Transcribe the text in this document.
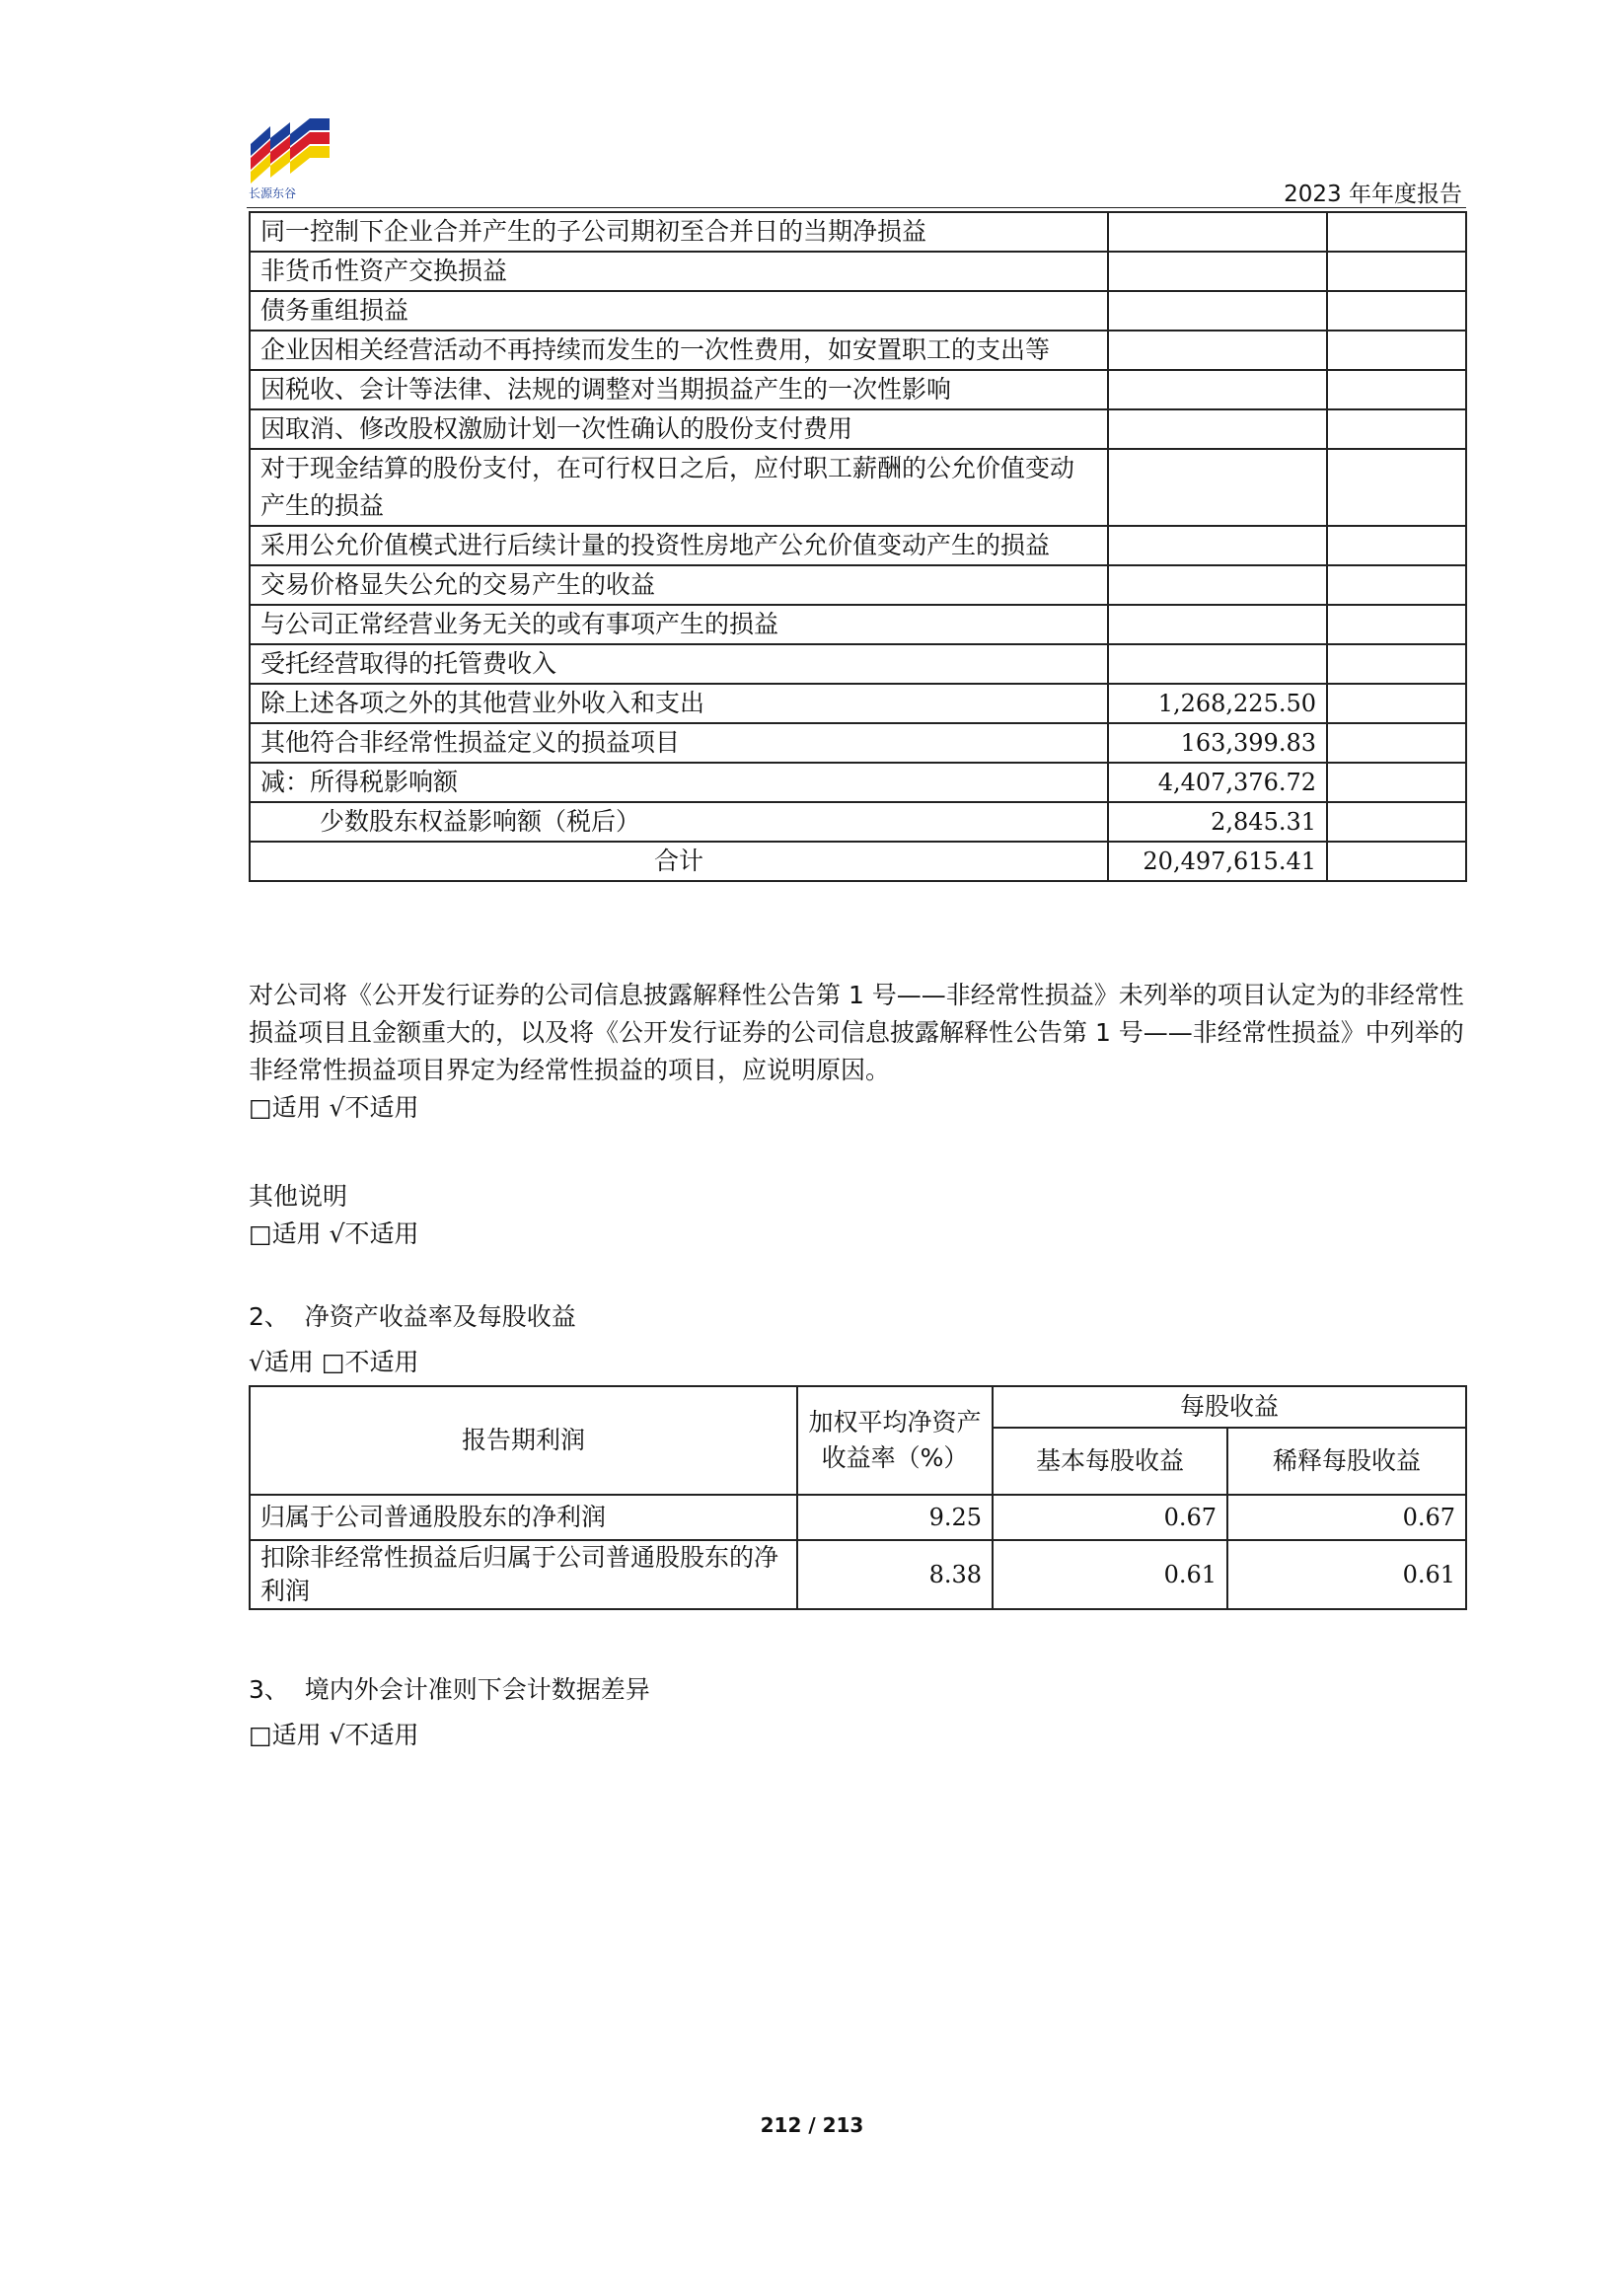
长源东谷	2023 年年度报告
同一控制下企业合并产生的子公司期初至合并日的当期净损益		
非货币性资产交换损益		
债务重组损益		
企业因相关经营活动不再持续而发生的一次性费用，如安置职工的支出等		
因税收、会计等法律、法规的调整对当期损益产生的一次性影响		
因取消、修改股权激励计划一次性确认的股份支付费用		
对于现金结算的股份支付，在可行权日之后，应付职工薪酬的公允价值变动产生的损益		
采用公允价值模式进行后续计量的投资性房地产公允价值变动产生的损益		
交易价格显失公允的交易产生的收益		
与公司正常经营业务无关的或有事项产生的损益		
受托经营取得的托管费收入		
除上述各项之外的其他营业外收入和支出	1,268,225.50	
其他符合非经常性损益定义的损益项目	163,399.83	
减：所得税影响额	4,407,376.72	
少数股东权益影响额（税后）	2,845.31	
合计	20,497,615.41	
对公司将《公开发行证券的公司信息披露解释性公告第 1 号——非经常性损益》未列举的项目认定为的非经常性损益项目且金额重大的，以及将《公开发行证券的公司信息披露解释性公告第 1 号——非经常性损益》中列举的非经常性损益项目界定为经常性损益的项目，应说明原因。
□适用 √不适用
其他说明
□适用 √不适用
2、  净资产收益率及每股收益
√适用 □不适用
报告期利润	加权平均净资产收益率（%）	每股收益	
		基本每股收益	稀释每股收益
归属于公司普通股股东的净利润	9.25	0.67	0.67
扣除非经常性损益后归属于公司普通股股东的净利润	8.38	0.61	0.61
3、  境内外会计准则下会计数据差异
□适用 √不适用
212 / 213
